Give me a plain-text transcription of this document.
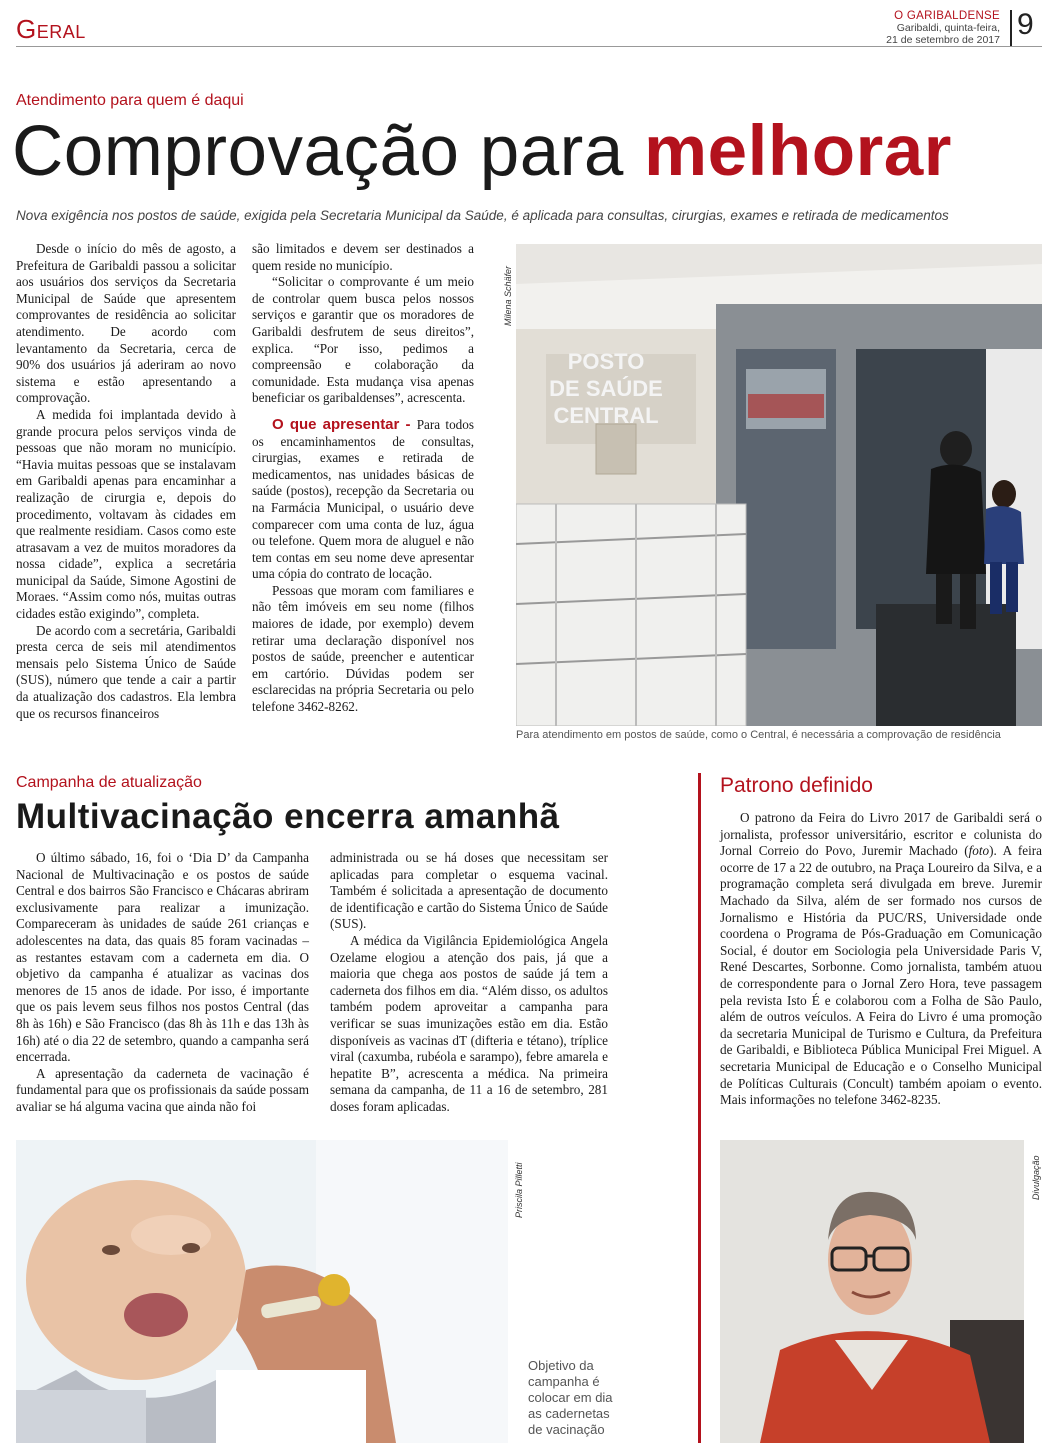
Geral	O GARIBALDENSE
Garibaldi, quinta-feira,
21 de setembro de 2017 9
Atendimento para quem é daqui
Comprovação para melhorar
Nova exigência nos postos de saúde, exigida pela Secretaria Municipal da Saúde, é aplicada para consultas, cirurgias, exames e retirada de medicamentos

Desde o início do mês de agosto, a Prefeitura de Garibaldi passou a solicitar aos usuários dos serviços da Secretaria Municipal de Saúde que apresentem comprovantes de residência ao solicitar atendimento. De acordo com levantamento da Secretaria, cerca de 90% dos usuários já aderiram ao novo sistema e estão apresentando a comprovação.

A medida foi implantada devido à grande procura pelos serviços vinda de pessoas que não moram no município. “Havia muitas pessoas que se instalavam em Garibaldi apenas para encaminhar a realização de cirurgia e, depois do procedimento, voltavam às cidades em que realmente residiam. Casos como este atrasavam a vez de muitos moradores da nossa cidade”, explica a secretária municipal da Saúde, Simone Agostini de Moraes. “Assim como nós, muitas outras cidades estão exigindo”, completa.

De acordo com a secretária, Garibaldi presta cerca de seis mil atendimentos mensais pelo Sistema Único de Saúde (SUS), número que tende a cair a partir da atualização dos cadastros. Ela lembra que os recursos financeiros

são limitados e devem ser destinados a quem reside no município.

“Solicitar o comprovante é um meio de controlar quem busca pelos nossos serviços e garantir que os moradores de Garibaldi desfrutem de seus direitos”, explica. “Por isso, pedimos a compreensão e colaboração da comunidade. Esta mudança visa apenas beneficiar os garibaldenses”, acrescenta.

O que apresentar - Para todos os encaminhamentos de consultas, cirurgias, exames e retirada de medicamentos, nas unidades básicas de saúde (postos), recepção da Secretaria ou na Farmácia Municipal, o usuário deve comparecer com uma conta de luz, água ou telefone. Quem mora de aluguel e não tem contas em seu nome deve apresentar uma cópia do contrato de locação.

Pessoas que moram com familiares e não têm imóveis em seu nome (filhos maiores de idade, por exemplo) devem retirar uma declaração disponível nos postos de saúde, preencher e autenticar em cartório. Dúvidas podem ser esclarecidas na própria Secretaria ou pelo telefone 3462-8262.

Milena Schäfer
POSTO DE SAÚDE CENTRAL
Para atendimento em postos de saúde, como o Central, é necessária a comprovação de residência
Campanha de atualização
Multivacinação encerra amanhã

O último sábado, 16, foi o ‘Dia D’ da Campanha Nacional de Multivacinação e os postos de saúde Central e dos bairros São Francisco e Chácaras abriram exclusivamente para realizar a imunização. Compareceram às unidades de saúde 261 crianças e adolescentes na data, das quais 85 foram vacinadas – as restantes estavam com a caderneta em dia. O objetivo da campanha é atualizar as vacinas dos menores de 15 anos de idade. Por isso, é importante que os pais levem seus filhos nos postos Central (das 8h às 16h) e São Francisco (das 8h às 11h e das 13h às 16h) até o dia 22 de setembro, quando a campanha será encerrada.

A apresentação da caderneta de vacinação é fundamental para que os profissionais da saúde possam avaliar se há alguma vacina que ainda não foi

administrada ou se há doses que necessitam ser aplicadas para completar o esquema vacinal. Também é solicitada a apresentação de documento de identificação e cartão do Sistema Único de Saúde (SUS).

A médica da Vigilância Epidemiológica Angela Ozelame elogiou a atenção dos pais, já que a maioria que chega aos postos de saúde já tem a caderneta dos filhos em dia. “Além disso, os adultos também podem aproveitar a campanha para verificar se suas imunizações estão em dia. Estão disponíveis as vacinas dT (difteria e tétano), tríplice viral (caxumba, rubéola e sarampo), febre amarela e hepatite B”, acrescenta a médica. Na primeira semana da campanha, de 11 a 16 de setembro, 281 doses foram aplicadas.

Priscila Pilletti
Objetivo da campanha é colocar em dia as cadernetas de vacinação
Patrono definido

O patrono da Feira do Livro 2017 de Garibaldi será o jornalista, professor universitário, escritor e colunista do Jornal Correio do Povo, Juremir Machado (foto). A feira ocorre de 17 a 22 de outubro, na Praça Loureiro da Silva, e a programação completa será divulgada em breve. Juremir Machado da Silva, além de ser formado nos cursos de Jornalismo e História da PUC/RS, Universidade onde coordena o Programa de Pós-Graduação em Comunicação Social, é doutor em Sociologia pela Universidade Paris V, René Descartes, Sorbonne. Como jornalista, também atuou de correspondente para o Jornal Zero Hora, teve passagem pela revista Isto É e colaborou com a Folha de São Paulo, além de outros veículos. A Feira do Livro é uma promoção da secretaria Municipal de Turismo e Cultura, da Prefeitura de Garibaldi, e Biblioteca Pública Municipal Frei Miguel. A secretaria Municipal de Educação e o Conselho Municipal de Políticas Culturais (Concult) também apoiam o evento. Mais informações no telefone 3462-8235.

Divulgação
